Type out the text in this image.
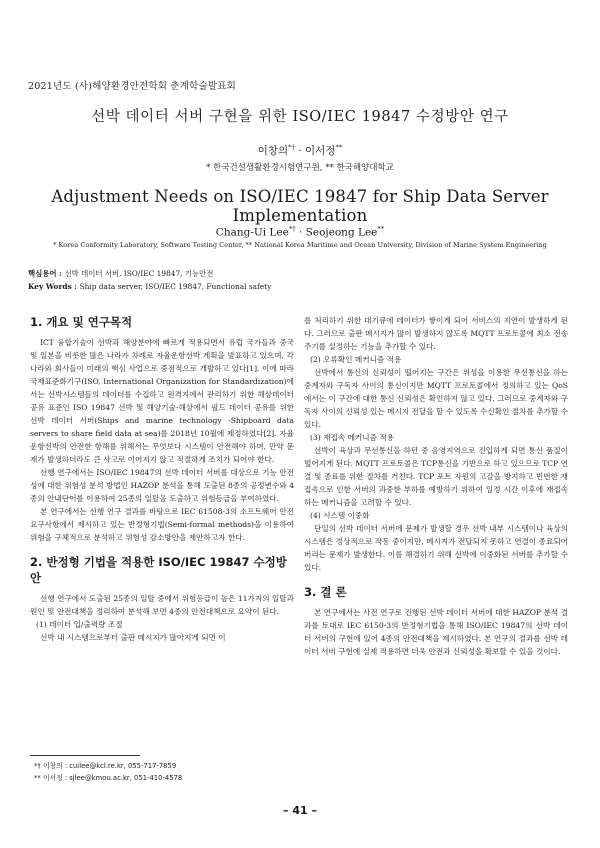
2021년도 (사)해양환경안전학회 춘계학술발표회
선박 데이터 서버 구현을 위한 ISO/IEC 19847 수정방안 연구
이창의*† · 이서정**
* 한국건설생활환경시험연구원, ** 한국해양대학교
Adjustment Needs on ISO/IEC 19847 for Ship Data Server Implementation
Chang-Ui Lee*† · Seojeong Lee**
* Korea Conformity Laboratory, Software Testing Center, ** National Korea Maritime and Ocean University, Division of Marine System Engineering
핵심용어 : 선박 데이터 서버, ISO/IEC 19847, 기능안전
Key Words : Ship data server, ISO/IEC 19847, Functional safety
1. 개요 및 연구목적

ICT 융합기술이 선박과 해양분야에 빠르게 적용되면서 유럽 국가들과 중국 및 일본을 비롯한 많은 나라가 차례로 자율운항선박 계획을 발표하고 있으며, 각 나라와 회사들이 미래의 핵심 사업으로 중점적으로 개발하고 있다[1]. 이에 따라 국제표준화기구(ISO, International Organization for Standardization)에서는 선박시스템들의 데이터를 수집하고 원격지에서 관리하기 위한 해상데이터 공유 표준인 ISO 19847 선박 및 해양기술-해상에서 필드 데이터 공유를 위한 선박 데이터 서버(Ships and marine technology -Shipboard data servers to share field data at sea)를 2018년 10월에 제정하였다[2]. 자율운항선박의 안전한 항해를 위해서는 무엇보다 시스템이 안전해야 하며, 만약 문제가 발생하더라도 큰 사고로 이어지지 않고 적절하게 조치가 되어야 한다.

선행 연구에서는 ISO/IEC 19847의 선박 데이터 서버를 대상으로 기능 안전성에 대한 위험성 분석 방법인 HAZOP 분석을 통해 도출된 8종의 공정변수와 4종의 안내단어를 이용하여 25종의 일탈을 도출하고 위험등급을 부여하였다.

본 연구에서는 선행 연구 결과를 바탕으로 IEC 61508-3의 소프트웨어 안전 요구사항에서 제시하고 있는 반정형기법(Semi-formal methods)을 이용하여 위험을 구체적으로 분석하고 위험성 감소방안을 제안하고자 한다.

2. 반정형 기법을 적용한 ISO/IEC 19847 수정방안

선행 연구에서 도출된 25종의 일탈 중에서 위험등급이 높은 11가지의 일탈과 원인 및 안전대책을 정리하여 분석해 보면 4종의 안전대책으로 요약이 된다.

(1) 데이터 입/출력량 조절

선박 내 시스템으로부터 출판 메시지가 많아지게 되면 이

를 처리하기 위한 대기큐에 데이터가 쌓이게 되어 서비스의 지연이 발생하게 된다. 그러므로 출판 메시지가 많이 발생하지 않도록 MQTT 프로토콜에 최소 전송주기를 설정하는 기능을 추가할 수 있다.

(2) 오류확인 메커니즘 적용

선박에서 통신의 신뢰성이 떨어지는 구간은 위성을 이용한 무선통신을 하는 중계자와 구독자 사이의 통신이지만 MQTT 프로토콜에서 정의하고 있는 QoS에서는 이 구간에 대한 통신 신뢰성은 확인하지 않고 있다. 그러므로 중계자와 구독자 사이의 신뢰성 있는 메시지 전달을 할 수 있도록 수신확인 절차를 추가할 수 있다.

(3) 재접속 메커니즘 적용

선박이 육상과 무선통신을 하던 중 음영지역으로 진입하게 되면 통신 품질이 떨어지게 된다. MQTT 프로토콜은 TCP통신을 기반으로 하고 있으므로 TCP 연결 및 종료를 위한 절차를 거친다. TCP 포트 자원의 고갈을 방지하고 빈번한 재접속으로 인한 서버의 과중한 부하를 예방하기 위하여 일정 시간 이후에 재접속 하는 메커니즘을 고려할 수 있다.

(4) 시스템 이중화

단일의 선박 데이터 서버에 문제가 발생할 경우 선박 내부 시스템이나 육상의 시스템은 정상적으로 작동 중이지만, 메시지가 전달되지 못하고 연결이 종료되어 버리는 문제가 발생한다. 이를 해결하기 위해 선박에 이중화된 서버를 추가할 수 있다.

3. 결 론

본 연구에서는 사전 연구로 진행된 선박 데이터 서버에 대한 HAZOP 분석 결과를 토대로 IEC 6150-3의 반정형기법을 통해 ISO/IEC 19847의 선박 데이터 서버의 구현에 있어 4종의 안전대책을 제시하였다. 본 연구의 결과를 선박 데이터 서버 구현에 실제 적용하면 더욱 안전과 신뢰성을 확보할 수 있을 것이다.

*† 이창의 : cuilee@kcl.re.kr, 055-717-7859
** 이서정 : sjlee@kmou.ac.kr, 051-410-4578
– 41 –
